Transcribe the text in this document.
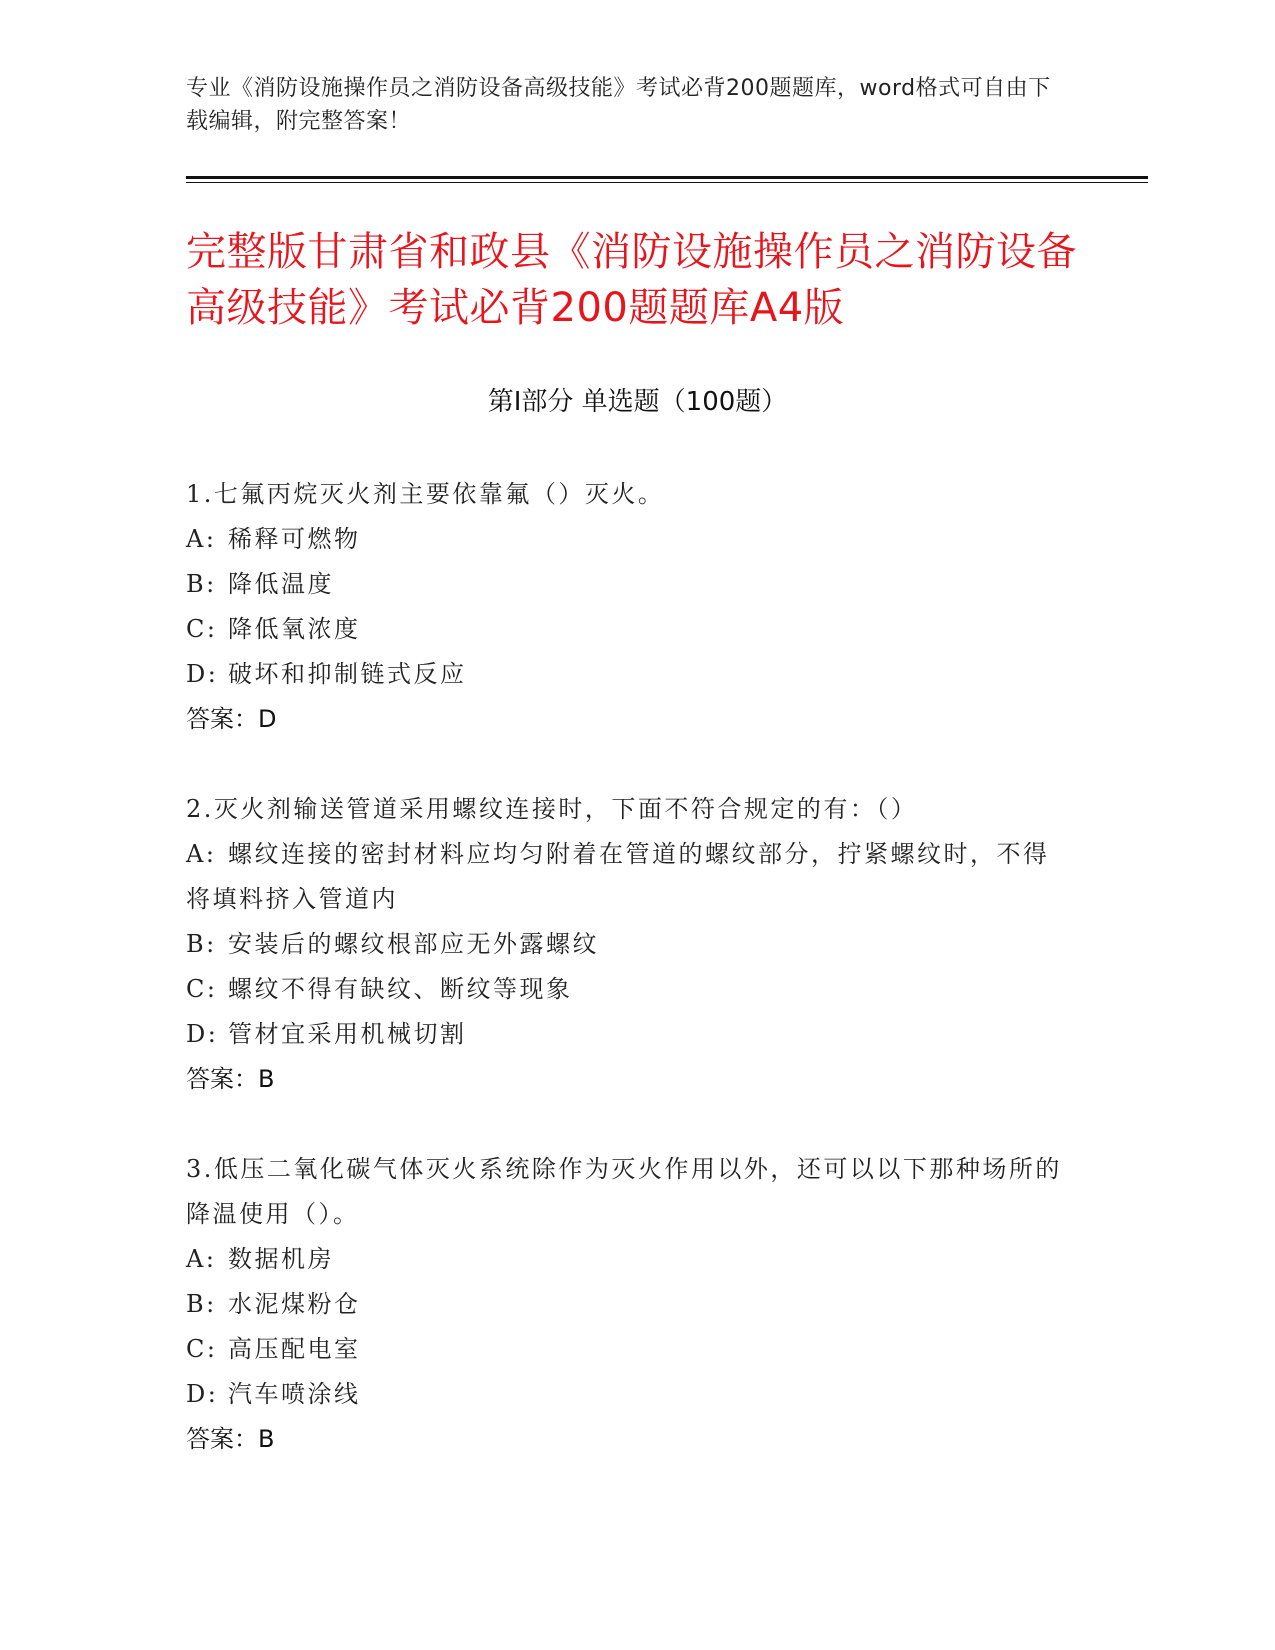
专业《消防设施操作员之消防设备高级技能》考试必背200题题库，word格式可自由下载编辑，附完整答案！
完整版甘肃省和政县《消防设施操作员之消防设备高级技能》考试必背200题题库A4版
第I部分 单选题（100题）
1.七氟丙烷灭火剂主要依靠氟（）灭火。
A: 稀释可燃物
B: 降低温度
C: 降低氧浓度
D: 破坏和抑制链式反应
答案：D
2.灭火剂输送管道采用螺纹连接时，下面不符合规定的有：（）
A: 螺纹连接的密封材料应均匀附着在管道的螺纹部分，拧紧螺纹时，不得将填料挤入管道内
B: 安装后的螺纹根部应无外露螺纹
C: 螺纹不得有缺纹、断纹等现象
D: 管材宜采用机械切割
答案：B
3.低压二氧化碳气体灭火系统除作为灭火作用以外，还可以以下那种场所的降温使用（）。
A: 数据机房
B: 水泥煤粉仓
C: 高压配电室
D: 汽车喷涂线
答案：B
